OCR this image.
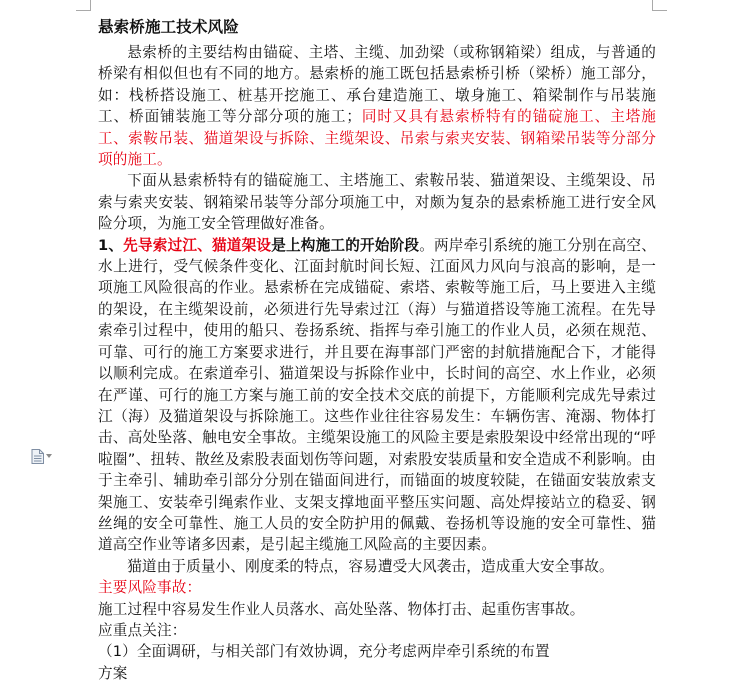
悬索桥施工技术风险

悬索桥的主要结构由锚碇、主塔、主缆、加劲梁（或称钢箱梁）组成，与普通的桥梁有相似但也有不同的地方。悬索桥的施工既包括悬索桥引桥（梁桥）施工部分，如：栈桥搭设施工、桩基开挖施工、承台建造施工、墩身施工、箱梁制作与吊装施工、桥面铺装施工等分部分项的施工；同时又具有悬索桥特有的锚碇施工、主塔施工、索鞍吊装、猫道架设与拆除、主缆架设、吊索与索夹安装、钢箱梁吊装等分部分项的施工。

下面从悬索桥特有的锚碇施工、主塔施工、索鞍吊装、猫道架设、主缆架设、吊索与索夹安装、钢箱梁吊装等分部分项施工中，对颇为复杂的悬索桥施工进行安全风险分项，为施工安全管理做好准备。

1、先导索过江、猫道架设是上构施工的开始阶段。两岸牵引系统的施工分别在高空、水上进行，受气候条件变化、江面封航时间长短、江面风力风向与浪高的影响，是一项施工风险很高的作业。悬索桥在完成锚碇、索塔、索鞍等施工后，马上要进入主缆的架设，在主缆架设前，必须进行先导索过江（海）与猫道搭设等施工流程。在先导索牵引过程中，使用的船只、卷扬系统、指挥与牵引施工的作业人员，必须在规范、可靠、可行的施工方案要求进行，并且要在海事部门严密的封航措施配合下，才能得以顺利完成。在索道牵引、猫道架设与拆除作业中，长时间的高空、水上作业，必须在严谨、可行的施工方案与施工前的安全技术交底的前提下，方能顺利完成先导索过江（海）及猫道架设与拆除施工。这些作业往往容易发生：车辆伤害、淹溺、物体打击、高处坠落、触电安全事故。主缆架设施工的风险主要是索股架设中经常出现的“呼啦圈”、扭转、散丝及索股表面划伤等问题，对索股安装质量和安全造成不利影响。由于主牵引、辅助牵引部分分别在锚面间进行，而锚面的坡度较陡，在锚面安装放索支架施工、安装牵引绳索作业、支架支撑地面平整压实问题、高处焊接站立的稳妥、钢丝绳的安全可靠性、施工人员的安全防护用的佩戴、卷扬机等设施的安全可靠性、猫道高空作业等诸多因素，是引起主缆施工风险高的主要因素。

猫道由于质量小、刚度柔的特点，容易遭受大风袭击，造成重大安全事故。

主要风险事故：

施工过程中容易发生作业人员落水、高处坠落、物体打击、起重伤害事故。

应重点关注：

（1）全面调研，与相关部门有效协调，充分考虑两岸牵引系统的布置

方案
